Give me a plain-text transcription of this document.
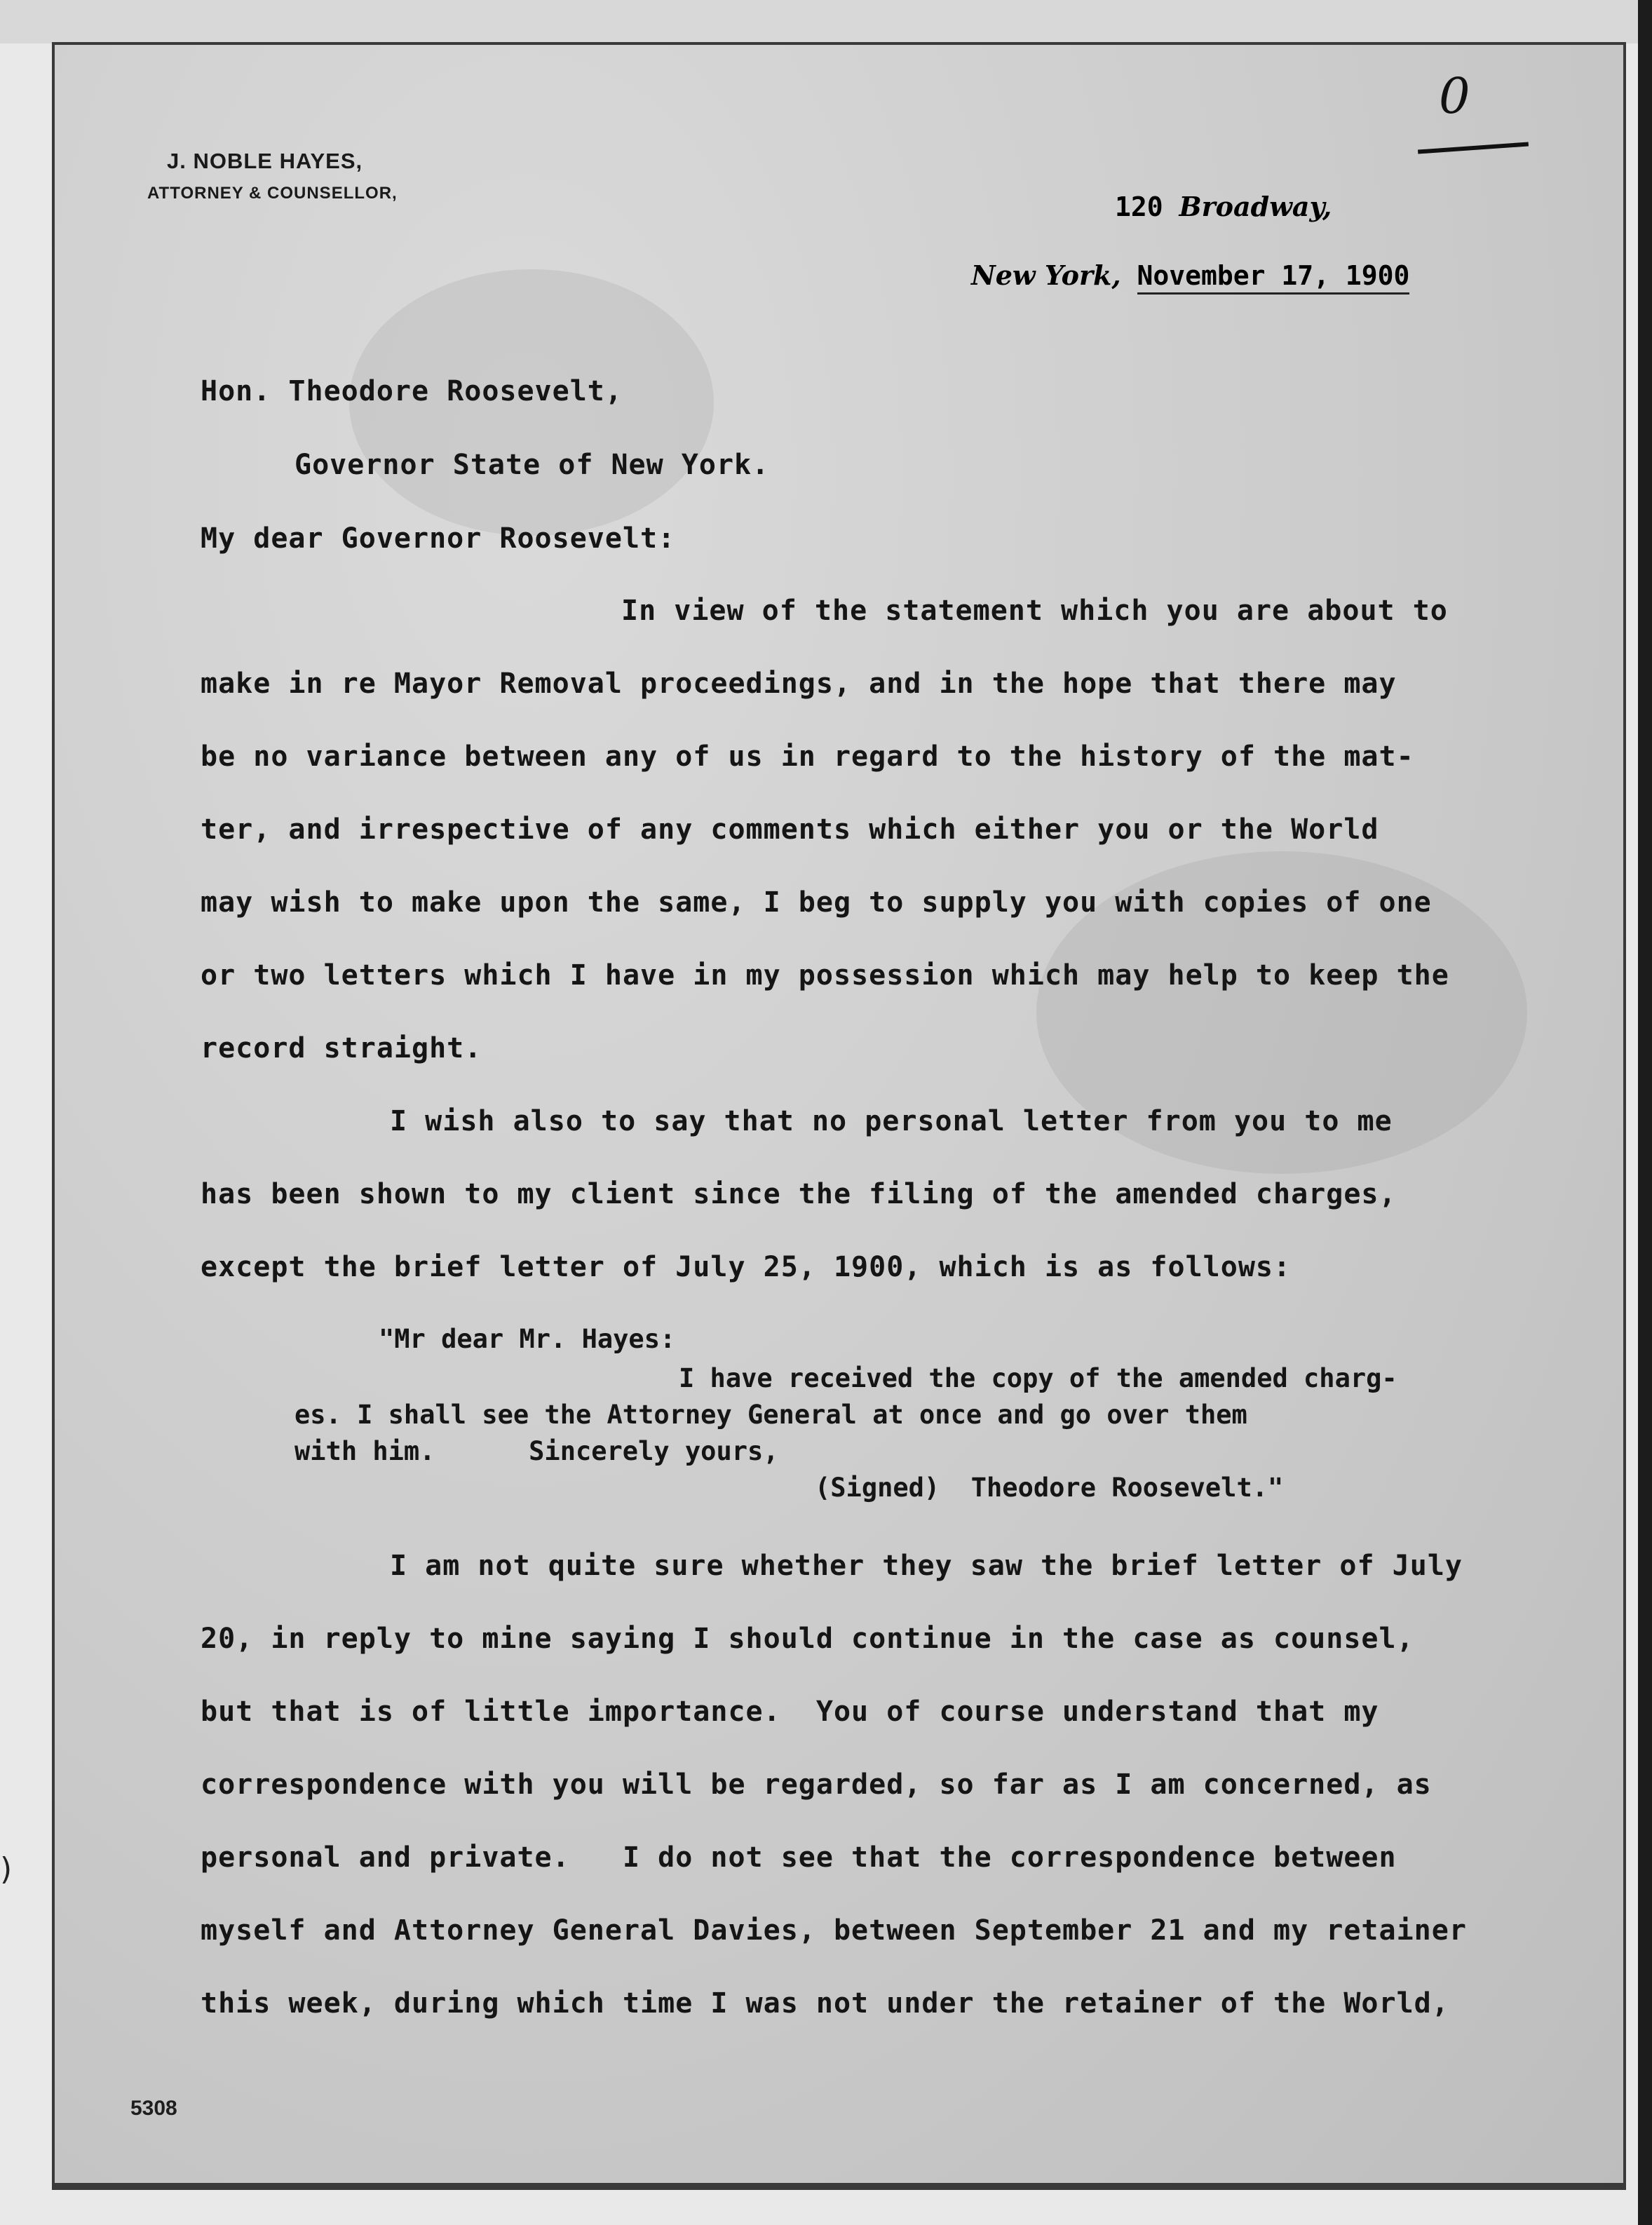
0
J. NOBLE HAYES,
ATTORNEY & COUNSELLOR,	120 Broadway,
New York, November 17, 1900
Hon. Theodore Roosevelt,
Governor State of New York.
My dear Governor Roosevelt:
In view of the statement which you are about to
make in re Mayor Removal proceedings, and in the hope that there may
be no variance between any of us in regard to the history of the mat-
ter, and irrespective of any comments which either you or the World
may wish to make upon the same, I beg to supply you with copies of one
or two letters which I have in my possession which may help to keep the
record straight.
I wish also to say that no personal letter from you to me
has been shown to my client since the filing of the amended charges,
except the brief letter of July 25, 1900, which is as follows:
"Mr dear Mr. Hayes:
I have received the copy of the amended charg-
es. I shall see the Attorney General at once and go over them
with him.      Sincerely yours,
(Signed)  Theodore Roosevelt."
I am not quite sure whether they saw the brief letter of July
20, in reply to mine saying I should continue in the case as counsel,
but that is of little importance.  You of course understand that my
correspondence with you will be regarded, so far as I am concerned, as
personal and private.   I do not see that the correspondence between
myself and Attorney General Davies, between September 21 and my retainer
this week, during which time I was not under the retainer of the World,
5308
)
